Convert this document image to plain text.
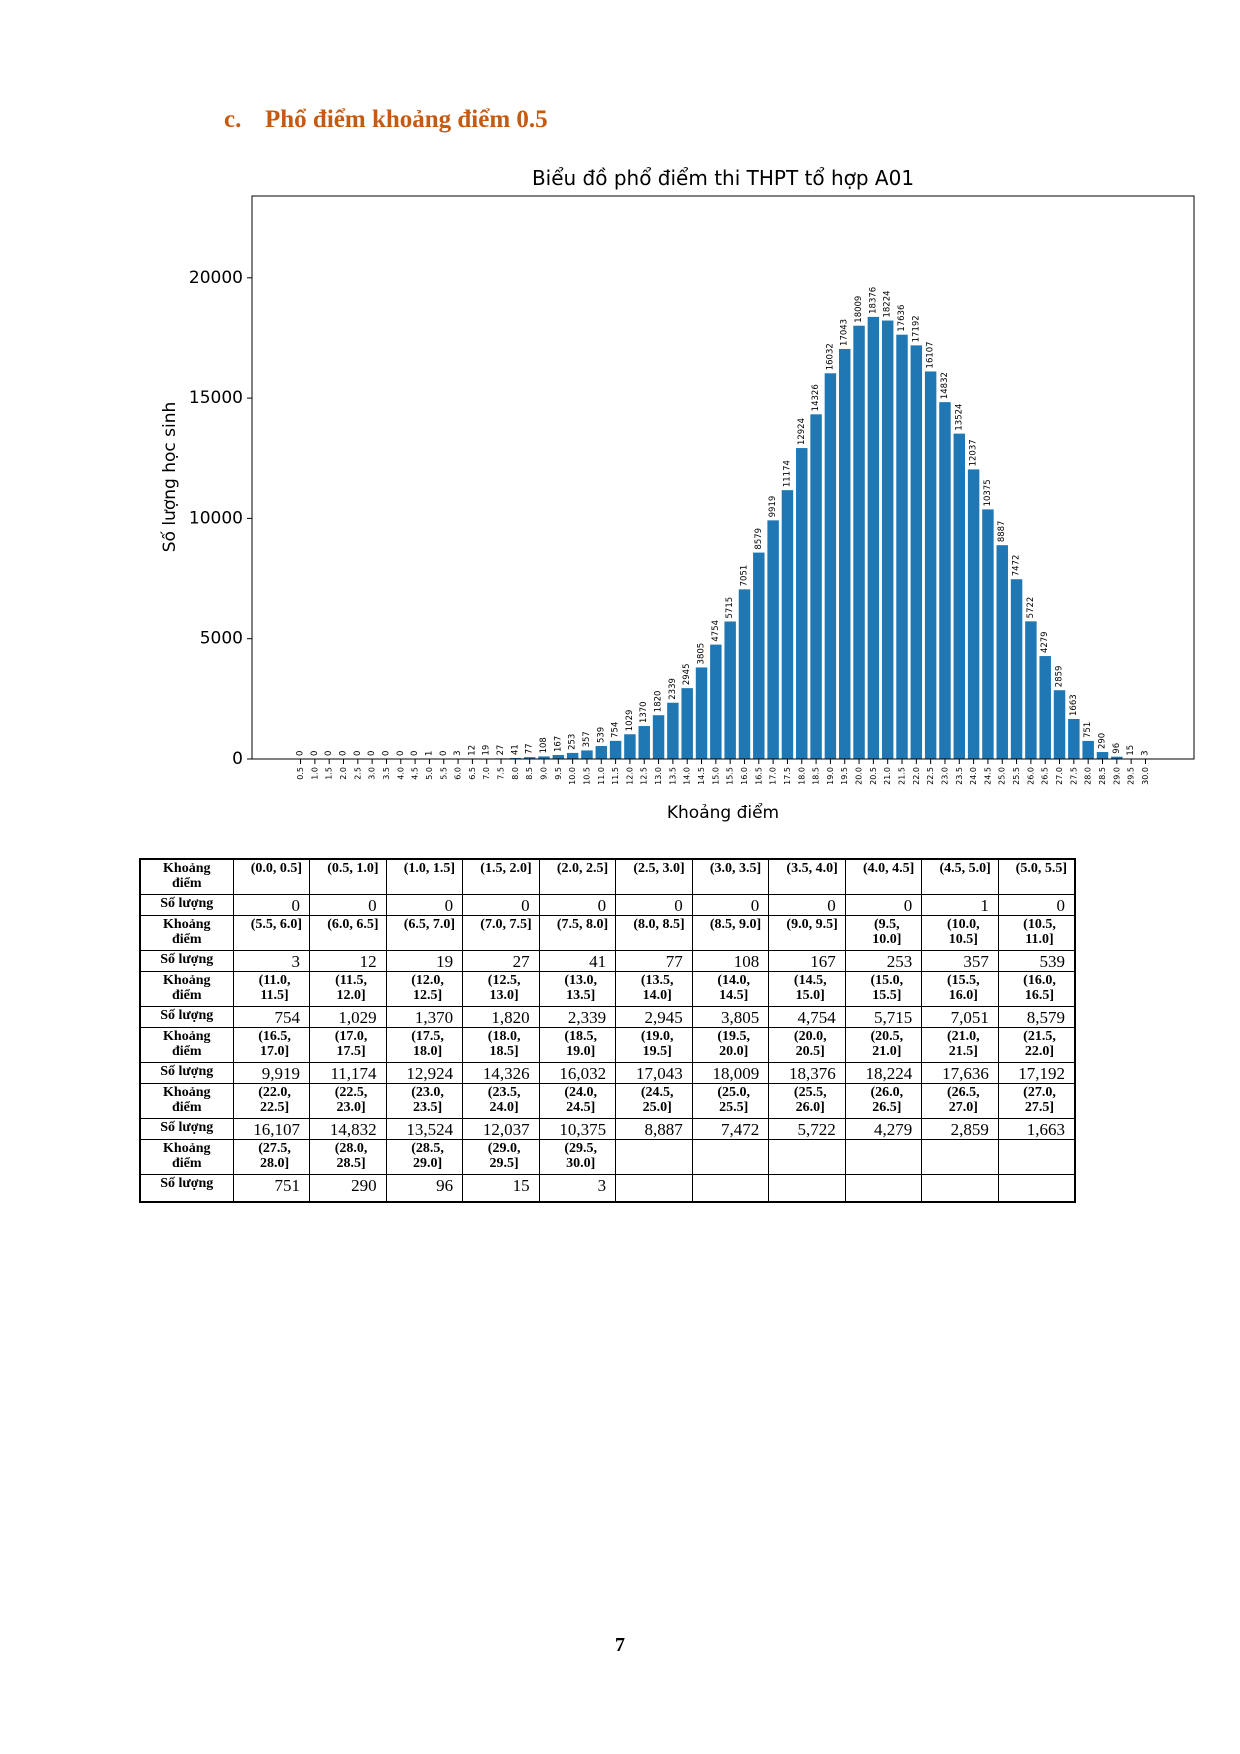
c. Phổ điểm khoảng điểm 0.5
Biểu đồ phổ điểm thi THPT tổ hợp A01
0
0.5
0
1.0
0
1.5
0
2.0
0
2.5
0
3.0
0
3.5
0
4.0
0
4.5
1
5.0
0
5.5
3
6.0
12
6.5
19
7.0
27
7.5
41
8.0
77
8.5
108
9.0
167
9.5
253
10.0
357
10.5
539
11.0
754
11.5
1029
12.0
1370
12.5
1820
13.0
2339
13.5
2945
14.0
3805
14.5
4754
15.0
5715
15.5
7051
16.0
8579
16.5
9919
17.0
11174
17.5
12924
18.0
14326
18.5
16032
19.0
17043
19.5
18009
20.0
18376
20.5
18224
21.0
17636
21.5
17192
22.0
16107
22.5
14832
23.0
13524
23.5
12037
24.0
10375
24.5
8887
25.0
7472
25.5
5722
26.0
4279
26.5
2859
27.0
1663
27.5
751
28.0
290
28.5
96
29.0
15
29.5
3
30.0
0
5000
10000
15000
20000
Số lượng học sinh
Khoảng điểm
Khoảng điểm	(0.0, 0.5]	(0.5, 1.0]	(1.0, 1.5]	(1.5, 2.0]	(2.0, 2.5]	(2.5, 3.0]	(3.0, 3.5]	(3.5, 4.0]	(4.0, 4.5]	(4.5, 5.0]	(5.0, 5.5]
Số lượng	0	0	0	0	0	0	0	0	0	1	0
Khoảng điểm	(5.5, 6.0]	(6.0, 6.5]	(6.5, 7.0]	(7.0, 7.5]	(7.5, 8.0]	(8.0, 8.5]	(8.5, 9.0]	(9.0, 9.5]	(9.5, 10.0]	(10.0, 10.5]	(10.5, 11.0]
Số lượng	3	12	19	27	41	77	108	167	253	357	539
Khoảng điểm	(11.0, 11.5]	(11.5, 12.0]	(12.0, 12.5]	(12.5, 13.0]	(13.0, 13.5]	(13.5, 14.0]	(14.0, 14.5]	(14.5, 15.0]	(15.0, 15.5]	(15.5, 16.0]	(16.0, 16.5]
Số lượng	754	1,029	1,370	1,820	2,339	2,945	3,805	4,754	5,715	7,051	8,579
Khoảng điểm	(16.5, 17.0]	(17.0, 17.5]	(17.5, 18.0]	(18.0, 18.5]	(18.5, 19.0]	(19.0, 19.5]	(19.5, 20.0]	(20.0, 20.5]	(20.5, 21.0]	(21.0, 21.5]	(21.5, 22.0]
Số lượng	9,919	11,174	12,924	14,326	16,032	17,043	18,009	18,376	18,224	17,636	17,192
Khoảng điểm	(22.0, 22.5]	(22.5, 23.0]	(23.0, 23.5]	(23.5, 24.0]	(24.0, 24.5]	(24.5, 25.0]	(25.0, 25.5]	(25.5, 26.0]	(26.0, 26.5]	(26.5, 27.0]	(27.0, 27.5]
Số lượng	16,107	14,832	13,524	12,037	10,375	8,887	7,472	5,722	4,279	2,859	1,663
Khoảng điểm	(27.5, 28.0]	(28.0, 28.5]	(28.5, 29.0]	(29.0, 29.5]	(29.5, 30.0]						
Số lượng	751	290	96	15	3						
7
